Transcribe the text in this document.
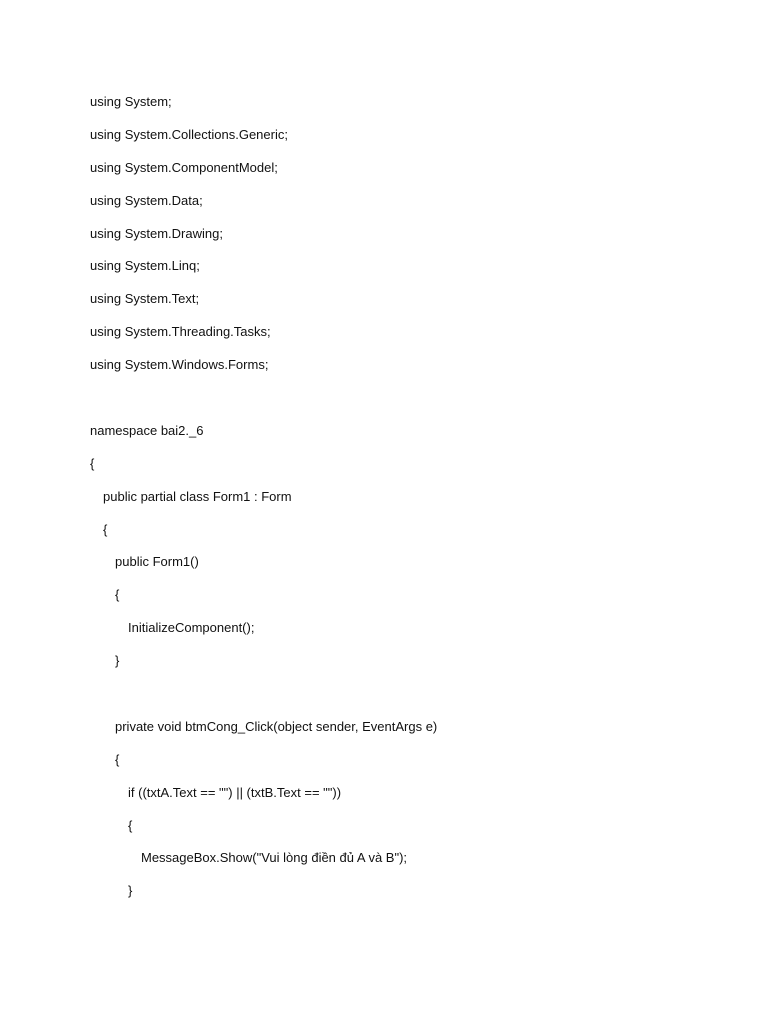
using System;
using System.Collections.Generic;
using System.ComponentModel;
using System.Data;
using System.Drawing;
using System.Linq;
using System.Text;
using System.Threading.Tasks;
using System.Windows.Forms;
namespace bai2._6
{
public partial class Form1 : Form
{
public Form1()
{
InitializeComponent();
}
private void btmCong_Click(object sender, EventArgs e)
{
if ((txtA.Text == "") || (txtB.Text == ""))
{
MessageBox.Show("Vui lòng điền đủ A và B");
}
